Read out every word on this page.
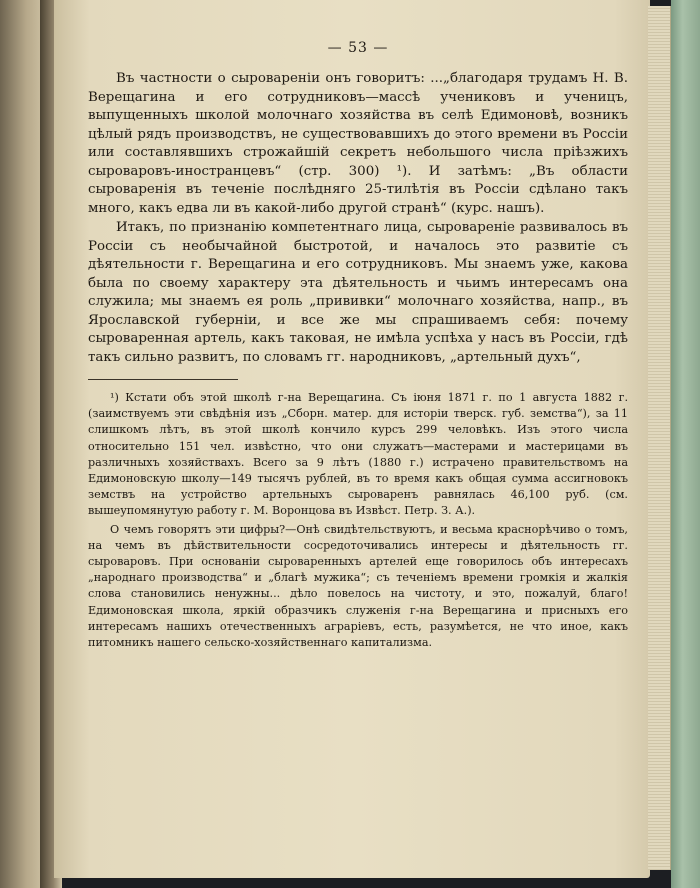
— 53 —

Въ частности о сыровареніи онъ говоритъ: ...„благодаря трудамъ Н. В. Верещагина и его сотрудниковъ—массѣ учениковъ и ученицъ, выпущенныхъ школой молочнаго хозяйства въ селѣ Едимоновѣ, возникъ цѣлый рядъ производствъ, не существовавшихъ до этого времени въ Россіи или составлявшихъ строжайшій секретъ небольшого числа пріѣзжихъ сыроваровъ-иностранцевъ“ (стр. 300) ¹). И затѣмъ: „Въ области сыроваренія въ теченіе послѣдняго 25-тилѣтія въ Россіи сдѣлано такъ много, какъ едва ли въ какой-либо другой странѣ“ (курс. нашъ).

Итакъ, по признанію компетентнаго лица, сыровареніе развивалось въ Россіи съ необычайной быстротой, и началось это развитіе съ дѣятельности г. Верещагина и его сотрудниковъ. Мы знаемъ уже, какова была по своему характеру эта дѣятельность и чьимъ интересамъ она служила; мы знаемъ ея роль „прививки“ молочнаго хозяйства, напр., въ Ярославской губерніи, и все же мы спрашиваемъ себя: почему сыроваренная артель, какъ таковая, не имѣла успѣха у насъ въ Россіи, гдѣ такъ сильно развитъ, по словамъ гг. народниковъ, „артельный духъ“,

¹) Кстати объ этой школѣ г-на Верещагина. Съ іюня 1871 г. по 1 августа 1882 г. (заимствуемъ эти свѣдѣнія изъ „Сборн. матер. для исторіи тверск. губ. земства“), за 11 слишкомъ лѣтъ, въ этой школѣ кончило курсъ 299 человѣкъ. Изъ этого числа относительно 151 чел. извѣстно, что они служатъ—мастерами и мастерицами въ различныхъ хозяйствахъ. Всего за 9 лѣтъ (1880 г.) истрачено правительствомъ на Едимоновскую школу—149 тысячъ рублей, въ то время какъ общая сумма ассигновокъ земствъ на устройство артельныхъ сыроваренъ равнялась 46,100 руб. (см. вышеупомянутую работу г. М. Воронцова въ Извѣст. Петр. З. А.).

О чемъ говорятъ эти цифры?—Онѣ свидѣтельствуютъ, и весьма краснорѣчиво о томъ, на чемъ въ дѣйствительности сосредоточивались интересы и дѣятельность гг. сыроваровъ. При основаніи сыроваренныхъ артелей еще говорилось объ интересахъ „народнаго производства“ и „благѣ мужика“; съ теченіемъ времени громкія и жалкія слова становились ненужны... дѣло повелось на чистоту, и это, пожалуй, благо! Едимоновская школа, яркій образчикъ служенія г-на Верещагина и присныхъ его интересамъ нашихъ отечественныхъ аграріевъ, есть, разумѣется, не что иное, какъ питомникъ нашего сельско-хозяйственнаго капитализма.
